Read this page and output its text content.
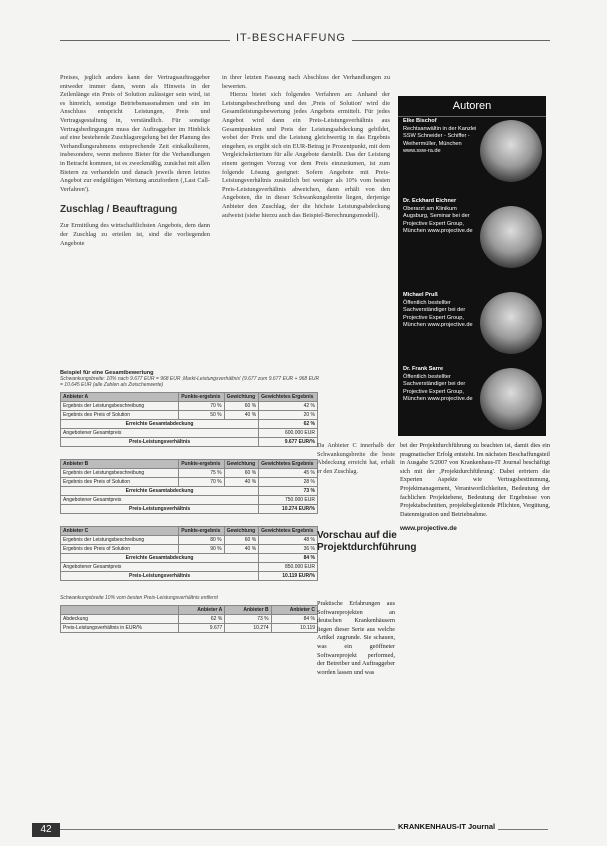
IT-BESCHAFFUNG

Preises, jeglich anders kann der Vertragsauftraggeber entweder immer dann, wenn als Hinweis in der Zeilenlänge ein Preis of Solution zulässiger sein wird, ist es hinreich, sonstige Betriebsmassnahmen und ein im Anschluss entspricht Leistungen, Preis und Vertragsgestaltung in, verständlich. Für sonstige Vertragsbedingungen muss der Auftraggeber im Hinblick auf eine bestehende Zuschlagsregelung bei der Planung des Verhandlungsrahmens entsprechende Zeit einkalkulieren, insbesondere, wenn mehrere Bieter für die Verhandlungen in Betracht kommen, ist es zweckmäßig, zunächst mit allen Bietern zu verhandeln und danach jeweils deren letztes Angebot zur endgültigen Wertung anzufordern (‚Last Call-Verfahren').

Zuschlag / Beauftragung

Zur Ermittlung des wirtschaftlichsten Angebots, dem dann der Zuschlag zu erteilen ist, sind die vorliegenden Angebote

in ihrer letzten Fassung nach Abschluss der Verhandlungen zu bewerten.

Hierzu bietet sich folgendes Verfahren an: Anhand der Leistungsbeschreibung und des ‚Preis of Solution' wird die Gesamtleistungsbewertung jedes Angebots ermittelt. Für jedes Angebot wird dann ein Preis-Leistungsverhältnis aus Gesamtpunkten und Preis der Leistungsabdeckung gebildet, wobei der Preis und die Leistung gleichwertig in das Ergebnis eingehen, es ergibt sich ein EUR-Betrag je Prozentpunkt, mit dem Vergleichskriterium für alle Angebote darstellt. Das der Leistung einem geringen Vorzug vor dem Preis einzuräumen, ist zum folgende Lösung geeignet: Sofern Angebote mit Preis-Leistungsverhältnis zusätzlich bei weniger als 10% vom besten Preis-Leistungsverhältnis abweichen, dann erhält von den Angeboten, die in dieser Schwankungsbreite liegen, derjenige Anbieter den Zuschlag, der die höchste Leistungsabdeckung aufweist (siehe hierzu auch das Beispiel-Berechnungsmodell).

Autoren
Elke Bischof
Rechtsanwältin in der Kanzlei SSW Schneider - Schiffer - Weihermüller, München www.ssw-ra.de
Dr. Eckhard Eichner
Oberarzt am Klinikum Augsburg, Seminar bei der Projective Expert Group, München www.projective.de
Michael Pruß
Öffentlich bestellter Sachverständiger bei der Projective Expert Group, München www.projective.de
Dr. Frank Sarre
Öffentlich bestellter Sachverständiger bei der Projective Expert Group, München www.projective.de
Beispiel für eine Gesamtbewertung
Schwankungsbreite: 10% nach 9.677 EUR = 968 EUR ‚Markt-Leistungsverhältnis' (9.677 zum 9.677 EUR + 968 EUR = 10.645 EUR (alle Zahlen als Zwischenwerte)
Anbieter A	Punkte-ergebnis	Gewichtung	Gewichtetes Ergebnis
Ergebnis der Leistungsbeschreibung	70 %	60 %	42 %
Ergebnis des Preis of Solution	50 %	40 %	20 %
Erreichte Gesamtabdeckung			62 %
Angebotener Gesamtpreis			600.000 EUR
Preis-Leistungsverhältnis			9.677 EUR/%
Anbieter B	Punkte-ergebnis	Gewichtung	Gewichtetes Ergebnis
Ergebnis der Leistungsbeschreibung	75 %	60 %	45 %
Ergebnis des Preis of Solution	70 %	40 %	28 %
Erreichte Gesamtabdeckung			73 %
Angebotener Gesamtpreis			750.000 EUR
Preis-Leistungsverhältnis			10.274 EUR/%
Anbieter C	Punkte-ergebnis	Gewichtung	Gewichtetes Ergebnis
Ergebnis der Leistungsbeschreibung	80 %	60 %	48 %
Ergebnis des Preis of Solution	90 %	40 %	36 %
Erreichte Gesamtabdeckung			84 %
Angebotener Gesamtpreis			850.000 EUR
Preis-Leistungsverhältnis			10.119 EUR/%
Schwankungsbreite 10% vom besten Preis-Leistungsverhältnis entfernt
	Anbieter A	Anbieter B	Anbieter C
Abdeckung	62 %	73 %	84 %
Preis-Leistungsverhältnis in EUR/%	9.677	10.274	10.119

Da Anbieter C innerhalb der Schwankungsbreite die beste Abdeckung erreicht hat, erhält er den Zuschlag.

Vorschau auf die Projektdurchführung

Praktische Erfahrungen aus Softwareprojekten an deutschen Krankenhäusern liegen dieser Serie aus welche Artikel zugrunde. Sie schauen, was ein geöffneter Softwareprojekt performed, der Betreiber und Auftraggeber worden lassen und was

bei der Projektdurchführung zu beachten ist, damit dies ein pragmatischer Erfolg entsteht. Im nächsten Beschaffungsteil in Ausgabe 5/2007 von Krankenhaus-IT Journal beschäftigt sich mit der ‚Projektdurchführung'. Dabei erörtern die Experten Aspekte wie Vertragsbestimmung, Projektmanagement, Verantwortlichkeiten, Bedeutung der fachlichen Projektebene, Bedeutung der Ergebnisse von Projektabschnitten, projektbegleitende Pflichten, Vergütung, Datenmigration und Betriebnahme.

www.projective.de
42	KRANKENHAUS-IT Journal
